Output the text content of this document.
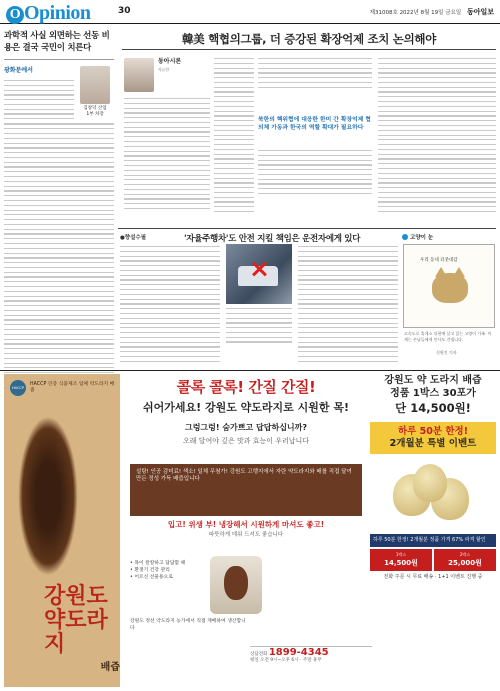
O Opinion	30	제31008호 2022년 8월 19일 금요일 동아일보
과학적 사실 외면하는 선동 비용은 결국 국민이 치른다
광화문에서
김창덕 산업1부 차장
韓美 핵협의그룹, 더 증강된 확장억제 조치 논의해야
동아시론
자유한
북한의 핵위협에 대응한 한미 간 확장억제 협의체 가동과 한국의 역할 확대가 필요하다
●향설수필	'자율주행차'도 안전 지킬 책임은 운전자에게 있다	고양이 눈
우리 동네 터줏대감
고속도로 휴게소 뒤편에 살고 있는 고양이 가족. 이제는 손님들에게 인사도 건넵니다.
신원건 기자
HACCP
HACCP 인증 식품제조 업체 약도라지 배즙
강원도 약도라지
배즙
콜록 콜록! 간질 간질!
쉬어가세요! 강원도 약도라지로 시원한 목!
그렁그렁! 숨가쁘고 답답하십니까?
오래 달여야 깊은 맛과 효능이 우러납니다
설탕! 인공 감미료! 색소! 일체 무첨가! 강원도 고랭지에서 자란 약도라지와 배를 직접 달여 만든 정성 가득 배즙입니다
입고! 위생 부! 냉장해서 시원하게 마셔도 좋고!
따뜻하게 데워 드셔도 좋습니다
• 목이 칼칼하고 답답할 때
• 환절기 건강 관리
• 어르신 선물용으로
강원도 정선 약도라지 농가에서 직접 재배하여 생산합니다
상담전화 1899-4345
평일 오전 9시~오후 6시 · 주말 휴무
강원도 약 도라지 배즙
정품 1박스 30포가
단 14,500원!
하루 50분 한정!
2개월분 특별 이벤트
하루 50분 한정! 2개월분 정품 가격 67% 파격 할인
1박스
14,500원
2박스
25,000원
전화 주문 시 무료 배송 · 1+1 이벤트 진행 중
